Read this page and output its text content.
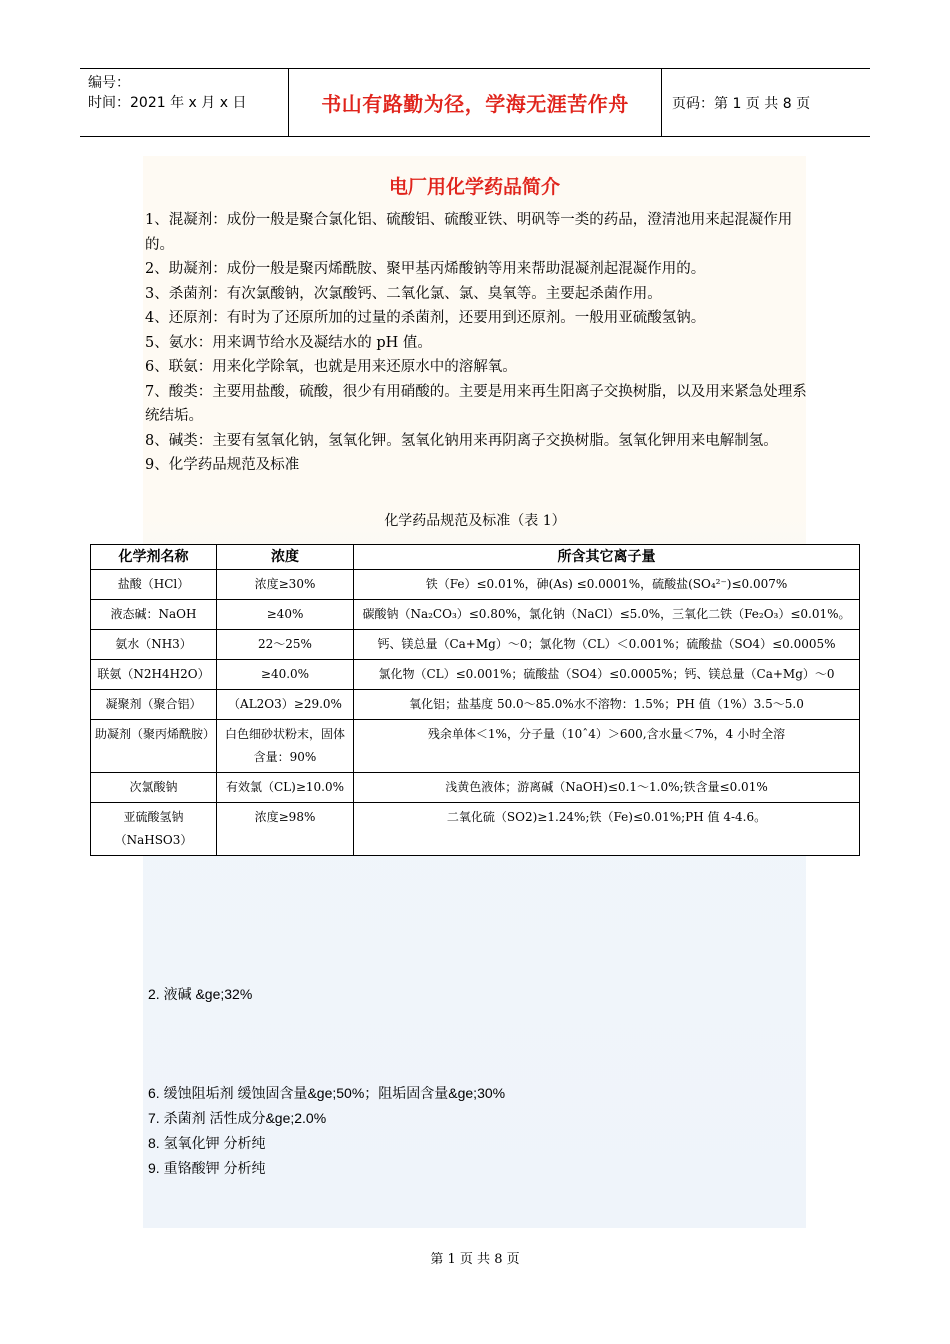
编号：
时间：2021 年 x 月 x 日	书山有路勤为径，学海无涯苦作舟	页码：第 1 页 共 8 页
电厂用化学药品简介

1、混凝剂：成份一般是聚合氯化铝、硫酸铝、硫酸亚铁、明矾等一类的药品，澄清池用来起混凝作用的。

2、助凝剂：成份一般是聚丙烯酰胺、聚甲基丙烯酸钠等用来帮助混凝剂起混凝作用的。

3、杀菌剂：有次氯酸钠，次氯酸钙、二氧化氯、氯、臭氧等。主要起杀菌作用。

4、还原剂：有时为了还原所加的过量的杀菌剂，还要用到还原剂。一般用亚硫酸氢钠。

5、氨水：用来调节给水及凝结水的 pH 值。

6、联氨：用来化学除氧，也就是用来还原水中的溶解氧。

7、酸类：主要用盐酸，硫酸，很少有用硝酸的。主要是用来再生阳离子交换树脂，以及用来紧急处理系统结垢。

8、碱类：主要有氢氧化钠，氢氧化钾。氢氧化钠用来再阴离子交换树脂。氢氧化钾用来电解制氢。

9、化学药品规范及标准

化学药品规范及标准（表 1）
化学剂名称	浓度	所含其它离子量
盐酸（HCl）	浓度≥30%	铁（Fe）≤0.01%，砷(As) ≤0.0001%，硫酸盐(SO₄²⁻)≤0.007%
液态碱：NaOH	≥40%	碳酸钠（Na₂CO₃）≤0.80%，氯化钠（NaCl）≤5.0%，三氧化二铁（Fe₂O₃）≤0.01%。
氨水（NH3）	22～25%	钙、镁总量（Ca+Mg）～0；氯化物（CL）＜0.001%；硫酸盐（SO4）≤0.0005%
联氨（N2H4H2O）	≥40.0%	氯化物（CL）≤0.001%；硫酸盐（SO4）≤0.0005%；钙、镁总量（Ca+Mg）～0
凝聚剂（聚合铝）	（AL2O3）≥29.0%	氧化铝；盐基度 50.0～85.0%水不溶物：1.5%；PH 值（1%）3.5～5.0
助凝剂（聚丙烯酰胺）	白色细砂状粉末，固体含量：90%	残余单体＜1%，分子量（10ˆ4）＞600,含水量＜7%，4 小时全溶
次氯酸钠	有效氯（CL)≥10.0%	浅黄色液体；游离碱（NaOH)≤0.1～1.0%;铁含量≤0.01%
亚硫酸氢钠（NaHSO3）	浓度≥98%	二氧化硫（SO2)≥1.24%;铁（Fe)≤0.01%;PH 值 4-4.6。
2. 液碱 &ge;32%
6. 缓蚀阻垢剂 缓蚀固含量&ge;50%；阻垢固含量&ge;30%
7. 杀菌剂 活性成分&ge;2.0%
8. 氢氧化钾 分析纯
9. 重铬酸钾 分析纯
第 1 页 共 8 页
